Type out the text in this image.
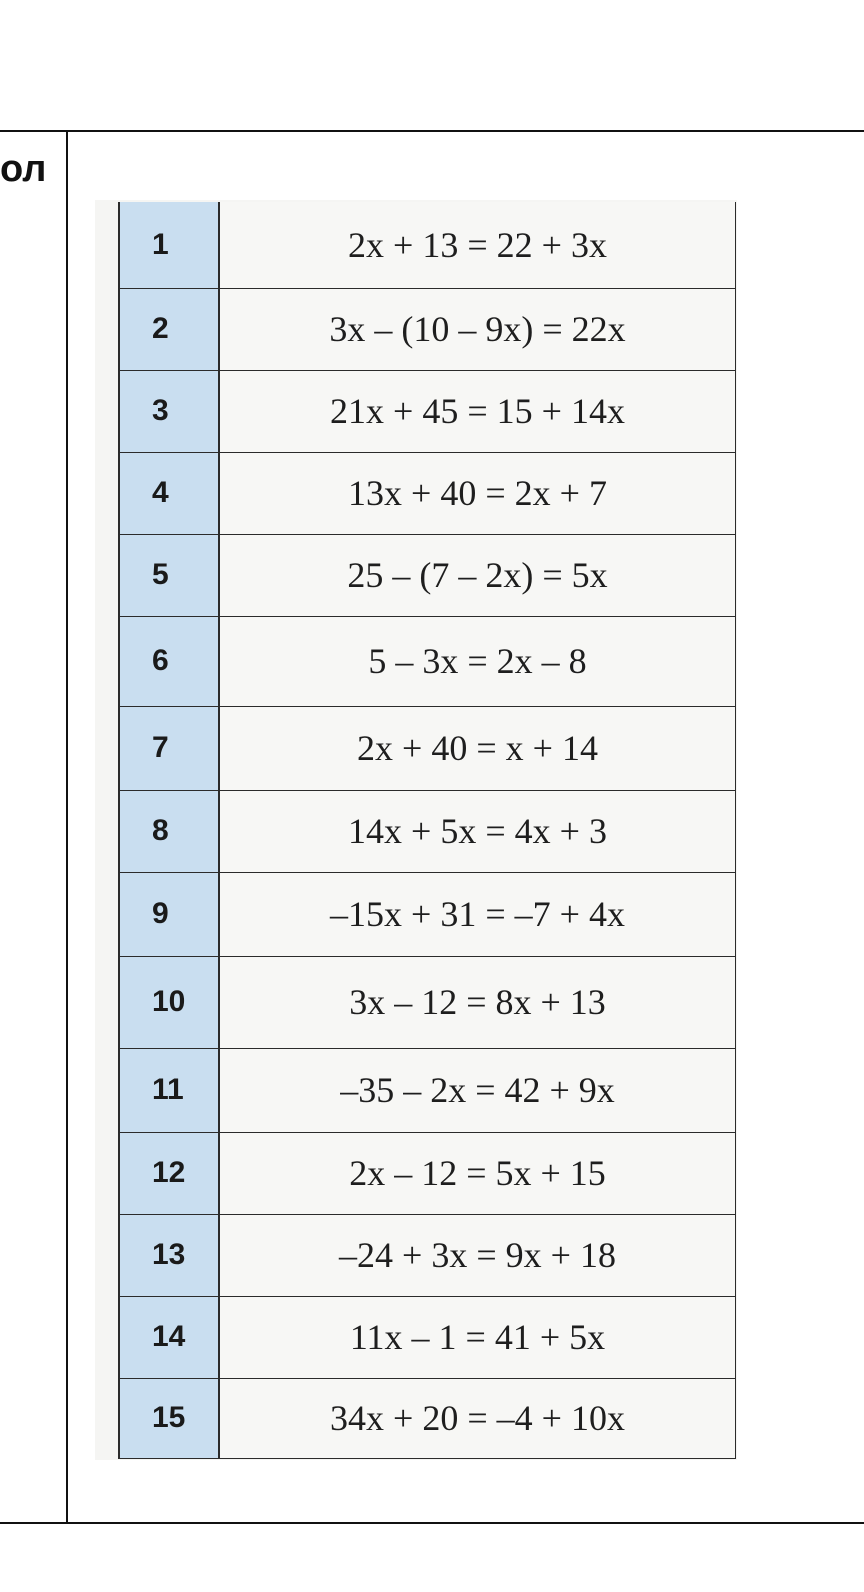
ол
1	2x + 13 = 22 + 3x
2	3x – (10 – 9x) = 22x
3	21x + 45 = 15 + 14x
4	13x + 40 = 2x + 7
5	25 – (7 – 2x) = 5x
6	5 – 3x = 2x – 8
7	2x + 40 = x + 14
8	14x + 5x = 4x + 3
9	–15x + 31 = –7 + 4x
10	3x – 12 = 8x + 13
11	–35 – 2x = 42 + 9x
12	2x – 12 = 5x + 15
13	–24 + 3x = 9x + 18
14	11x – 1 = 41 + 5x
15	34x + 20 = –4 + 10x
